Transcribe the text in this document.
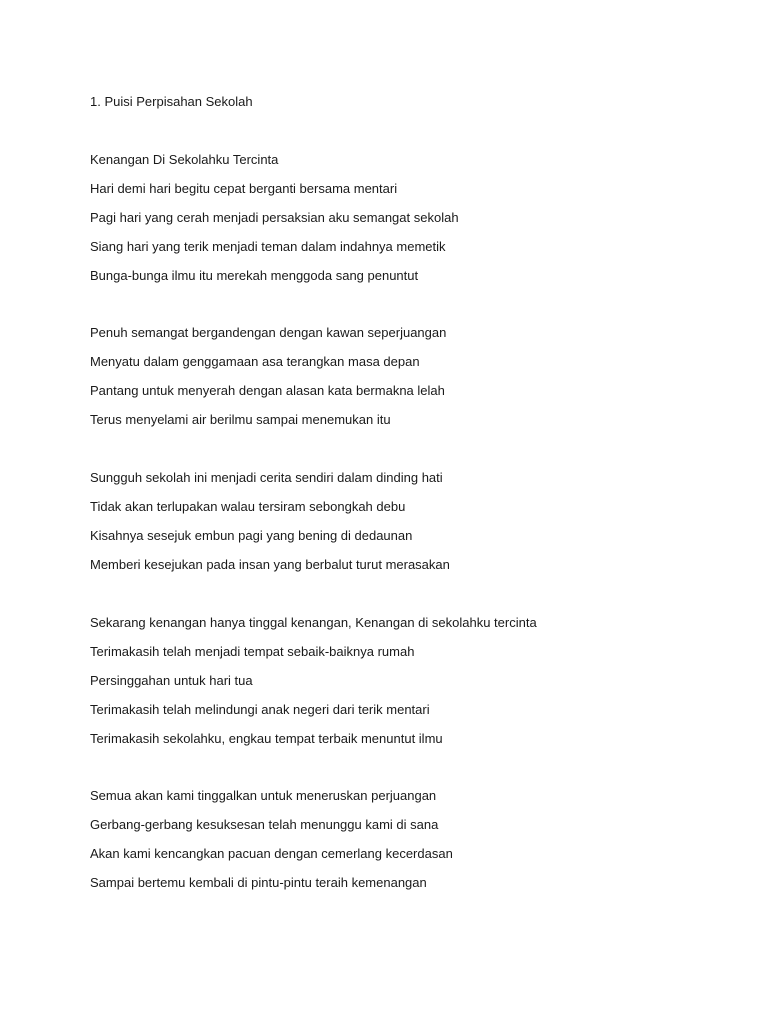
1. Puisi Perpisahan Sekolah
Kenangan Di Sekolahku Tercinta
Hari demi hari begitu cepat berganti bersama mentari
Pagi hari yang cerah menjadi persaksian aku semangat sekolah
Siang hari yang terik menjadi teman dalam indahnya memetik
Bunga-bunga ilmu itu merekah menggoda sang penuntut
Penuh semangat bergandengan dengan kawan seperjuangan
Menyatu dalam genggamaan asa terangkan masa depan
Pantang untuk menyerah dengan alasan kata bermakna lelah
Terus menyelami air berilmu sampai menemukan itu
Sungguh sekolah ini menjadi cerita sendiri dalam dinding hati
Tidak akan terlupakan walau tersiram sebongkah debu
Kisahnya sesejuk embun pagi yang bening di dedaunan
Memberi kesejukan pada insan yang berbalut turut merasakan
Sekarang kenangan hanya tinggal kenangan, Kenangan di sekolahku tercinta
Terimakasih telah menjadi tempat sebaik-baiknya rumah
Persinggahan untuk hari tua
Terimakasih telah melindungi anak negeri dari terik mentari
Terimakasih sekolahku, engkau tempat terbaik menuntut ilmu
Semua akan kami tinggalkan untuk meneruskan perjuangan
Gerbang-gerbang kesuksesan telah menunggu kami di sana
Akan kami kencangkan pacuan dengan cemerlang kecerdasan
Sampai bertemu kembali di pintu-pintu teraih kemenangan
